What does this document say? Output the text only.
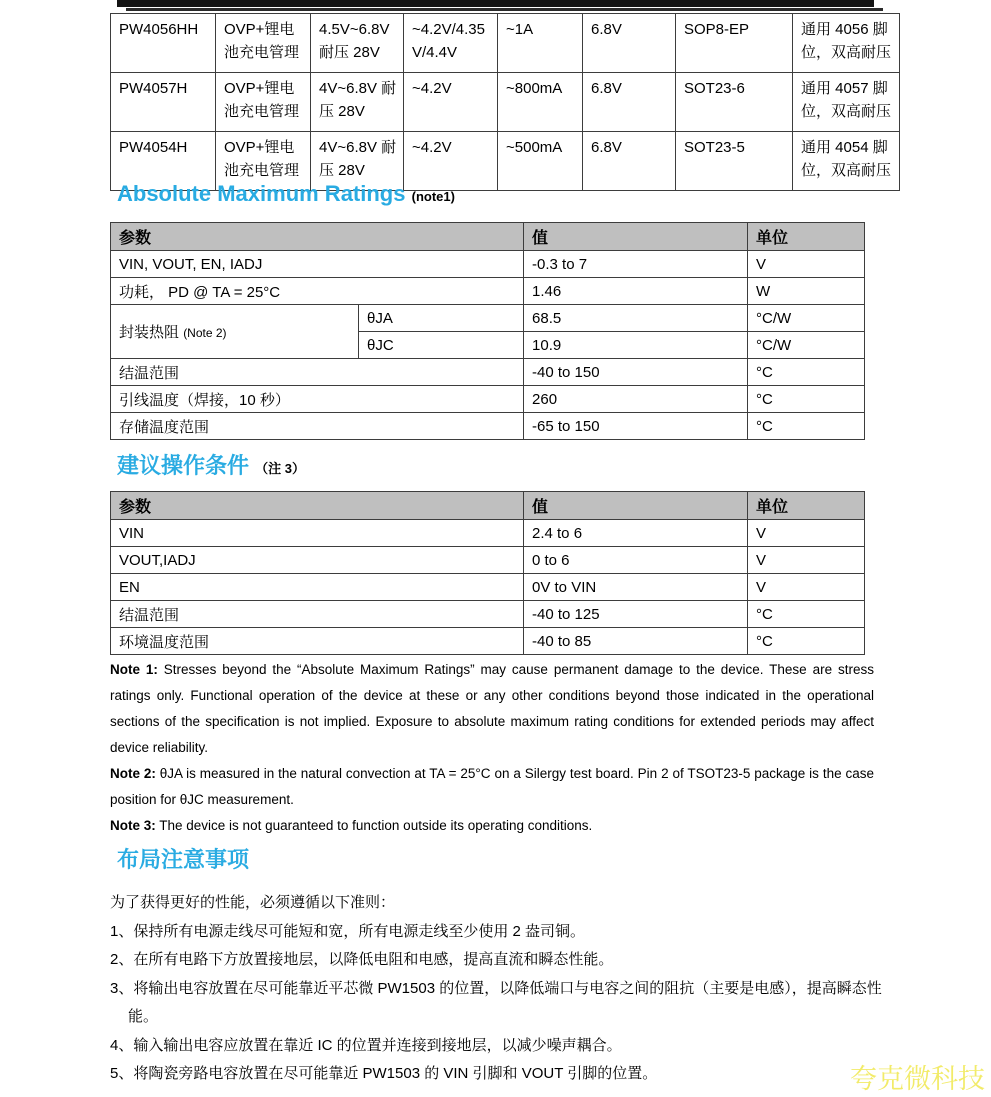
PW4056HH	OVP+锂电池充电管理	4.5V~6.8V 耐压 28V	~4.2V/4.35V/4.4V	~1A	6.8V	SOP8-EP	通用 4056 脚位，双高耐压
PW4057H	OVP+锂电池充电管理	4V~6.8V 耐压 28V	~4.2V	~800mA	6.8V	SOT23-6	通用 4057 脚位，双高耐压
PW4054H	OVP+锂电池充电管理	4V~6.8V 耐压 28V	~4.2V	~500mA	6.8V	SOT23-5	通用 4054 脚位，双高耐压
Absolute Maximum Ratings (note1)
参数		值	单位
VIN, VOUT, EN, IADJ		-0.3 to 7	V
功耗， PD @ TA = 25°C		1.46	W
封装热阻 (Note 2)	θJA	68.5	°C/W
	θJC	10.9	°C/W
结温范围		-40 to 150	°C
引线温度（焊接，10 秒）		260	°C
存储温度范围		-65 to 150	°C
建议操作条件 （注 3）
参数	值	单位
VIN	2.4 to 6	V
VOUT,IADJ	0 to 6	V
EN	0V to VIN	V
结温范围	-40 to 125	°C
环境温度范围	-40 to 85	°C

Note 1: Stresses beyond the “Absolute Maximum Ratings” may cause permanent damage to the device. These are stress ratings only. Functional operation of the device at these or any other conditions beyond those indicated in the operational sections of the specification is not implied. Exposure to absolute maximum rating conditions for extended periods may affect device reliability.

Note 2: θJA is measured in the natural convection at TA = 25°C on a Silergy test board. Pin 2 of TSOT23-5 package is the case position for θJC measurement.

Note 3: The device is not guaranteed to function outside its operating conditions.

布局注意事项

为了获得更好的性能，必须遵循以下准则：

1、保持所有电源走线尽可能短和宽，所有电源走线至少使用 2 盎司铜。

2、在所有电路下方放置接地层，以降低电阻和电感，提高直流和瞬态性能。

3、将输出电容放置在尽可能靠近平芯微 PW1503 的位置，以降低端口与电容之间的阻抗（主要是电感），提高瞬态性能。

4、输入输出电容应放置在靠近 IC 的位置并连接到接地层，以减少噪声耦合。

5、将陶瓷旁路电容放置在尽可能靠近 PW1503 的 VIN 引脚和 VOUT 引脚的位置。	夸克微科技
